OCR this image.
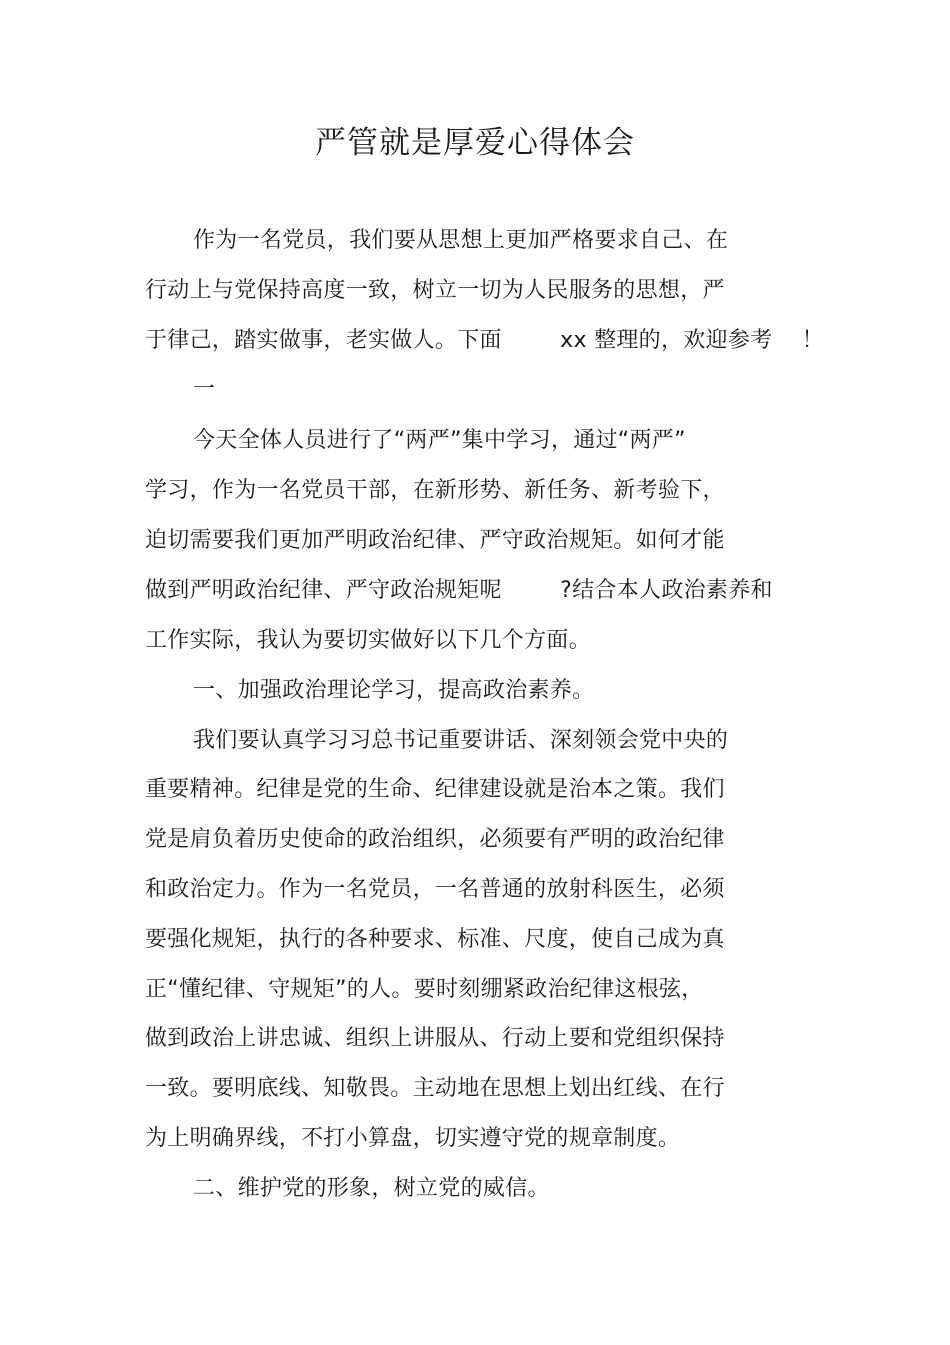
严管就是厚爱心得体会
作为一名党员，我们要从思想上更加严格要求自己、在
行动上与党保持高度一致，树立一切为人民服务的思想，严
于律己，踏实做事，老实做人。下面        xx 整理的，欢迎参考    ！
一
今天全体人员进行了“两严”集中学习，通过“两严”
学习，作为一名党员干部，在新形势、新任务、新考验下，
迫切需要我们更加严明政治纪律、严守政治规矩。如何才能
做到严明政治纪律、严守政治规矩呢        ?结合本人政治素养和
工作实际，我认为要切实做好以下几个方面。
一、加强政治理论学习，提高政治素养。
我们要认真学习习总书记重要讲话、深刻领会党中央的
重要精神。纪律是党的生命、纪律建设就是治本之策。我们
党是肩负着历史使命的政治组织，必须要有严明的政治纪律
和政治定力。作为一名党员，一名普通的放射科医生，必须
要强化规矩，执行的各种要求、标准、尺度，使自己成为真
正“懂纪律、守规矩”的人。要时刻绷紧政治纪律这根弦，
做到政治上讲忠诚、组织上讲服从、行动上要和党组织保持
一致。要明底线、知敬畏。主动地在思想上划出红线、在行
为上明确界线，不打小算盘，切实遵守党的规章制度。
二、维护党的形象，树立党的威信。
